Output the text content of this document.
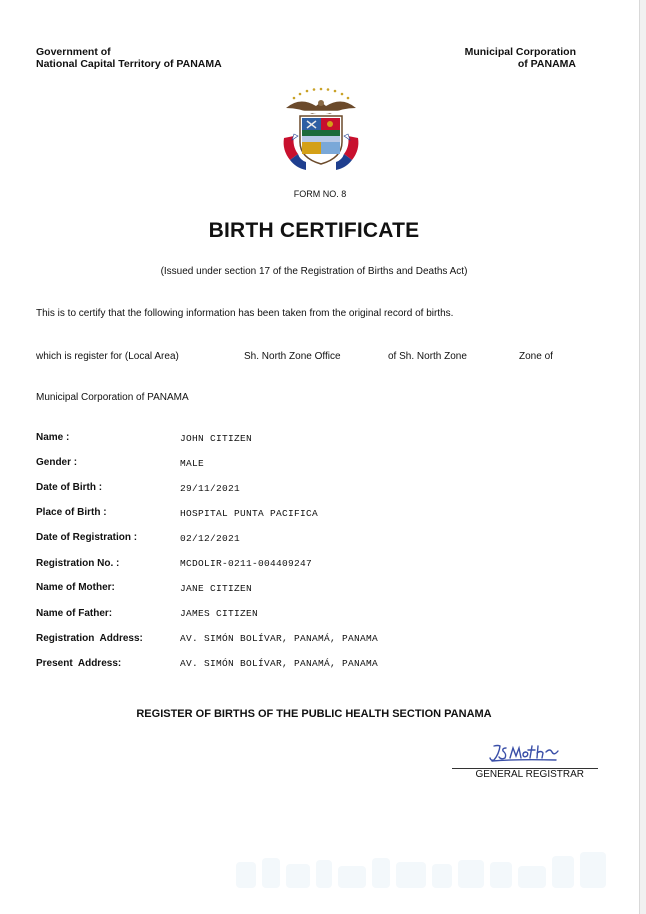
Government of
National Capital Territory of PANAMA
Municipal Corporation
of PANAMA
FORM NO. 8
BIRTH CERTIFICATE
(Issued under section 17 of the Registration of Births and Deaths Act)
This is to certify that the following information has been taken from the original record of births.
which is register for (Local Area)	Sh. North Zone Office	of Sh. North Zone	Zone of
Municipal Corporation of PANAMA
Name :	JOHN CITIZEN
Gender :	MALE
Date of Birth :	29/11/2021
Place of Birth :	HOSPITAL PUNTA PACIFICA
Date of Registration :	02/12/2021
Registration No. :	MCDOLIR-0211-004409247
Name of Mother:	JANE CITIZEN
Name of Father:	JAMES CITIZEN
Registration  Address:	AV. SIMÓN BOLÍVAR, PANAMÁ, PANAMA
Present  Address:	AV. SIMÓN BOLÍVAR, PANAMÁ, PANAMA
REGISTER OF BIRTHS OF THE PUBLIC HEALTH SECTION PANAMA
GENERAL REGISTRAR
